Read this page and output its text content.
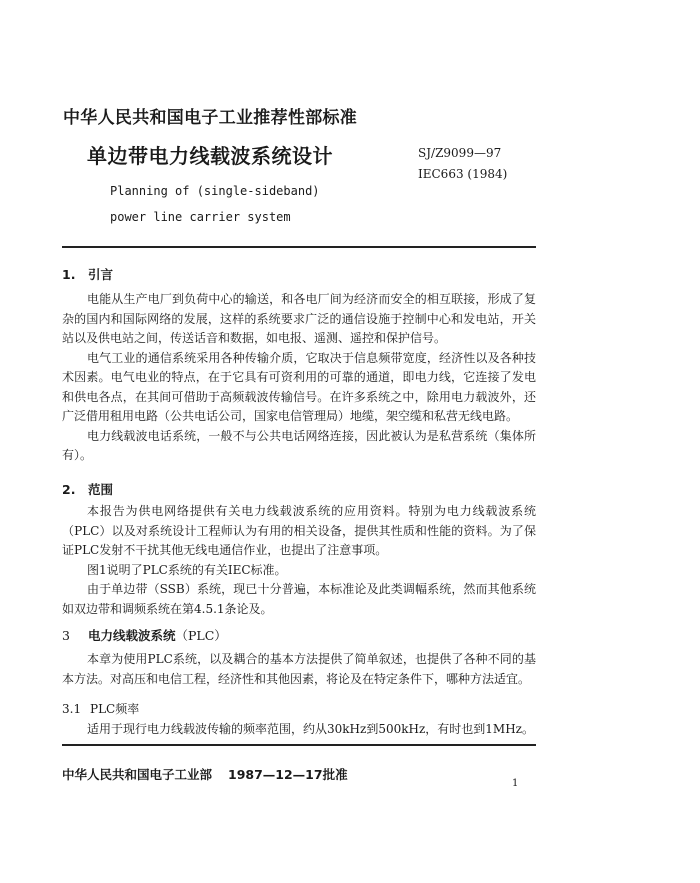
中华人民共和国电子工业推荐性部标准
单边带电力线载波系统设计	SJ/Z9099—97
IEC663 (1984)
Planning of (single-sideband)
power line carrier system
1. 引言

电能从生产电厂到负荷中心的输送，和各电厂间为经济而安全的相互联接，形成了复杂的国内和国际网络的发展，这样的系统要求广泛的通信设施于控制中心和发电站，开关站以及供电站之间，传送话音和数据，如电报、遥测、遥控和保护信号。

电气工业的通信系统采用各种传输介质，它取决于信息频带宽度，经济性以及各种技术因素。电气电业的特点，在于它具有可资利用的可靠的通道，即电力线，它连接了发电和供电各点，在其间可借助于高频载波传输信号。在许多系统之中，除用电力载波外，还广泛借用租用电路（公共电话公司，国家电信管理局）地缆，架空缆和私营无线电路。

电力线载波电话系统，一般不与公共电话网络连接，因此被认为是私营系统（集体所有）。

2. 范围

本报告为供电网络提供有关电力线载波系统的应用资料。特别为电力线载波系统（PLC）以及对系统设计工程师认为有用的相关设备，提供其性质和性能的资料。为了保证PLC发射不干扰其他无线电通信作业，也提出了注意事项。

图1说明了PLC系统的有关IEC标准。

由于单边带（SSB）系统，现已十分普遍，本标准论及此类调幅系统，然而其他系统如双边带和调频系统在第4.5.1条论及。

3 电力线载波系统（PLC）

本章为使用PLC系统，以及耦合的基本方法提供了简单叙述，也提供了各种不同的基本方法。对高压和电信工程，经济性和其他因素，将论及在特定条件下，哪种方法适宜。

3.1 PLC频率

适用于现行电力线载波传输的频率范围，约从30kHz到500kHz，有时也到1MHz。

中华人民共和国电子工业部 1987—12—17批准
1
